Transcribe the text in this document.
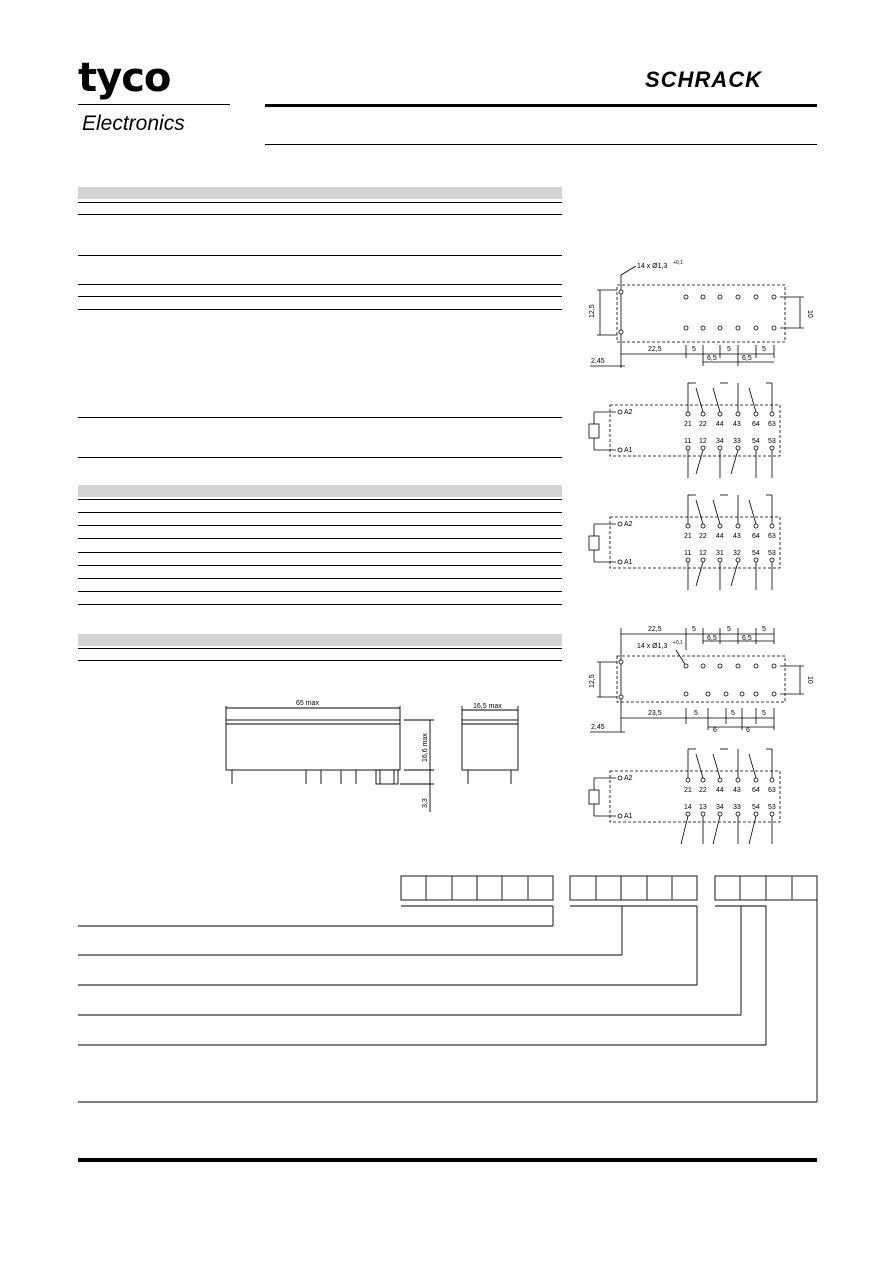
tyco
Electronics
SCHRACK
14 x Ø1,3 +0,1
12,5	10
22,5	5	5	5
6,5	6,5
2,45
A2
A1
21 22 44 43 64 63
11 12 34 33 54 53
A2
A1
21 22 44 43 64 63
11 12 31 32 54 53
22,5	5	5	5
6,5	6,5
14 x Ø1,3 +0,1
12,5	10
23,5	5	5	5
6	6
2,45
A2
A1
21 22 44 43 64 63
14 13 34 33 54 53
65 max	16,5 max
16,6 max
3,3
